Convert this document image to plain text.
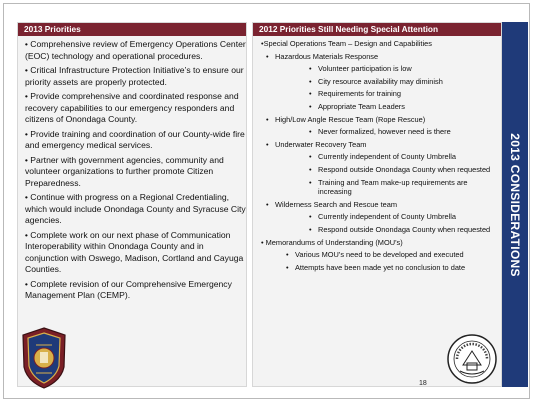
2013 Priorities
• Comprehensive review of Emergency Operations Center (EOC) technology and operational procedures.
• Critical Infrastructure Protection Initiative’s to ensure our priority assets are properly protected.
• Provide comprehensive and coordinated response and recovery capabilities to our emergency responders and citizens of Onondaga County.
• Provide training and coordination of our County-wide fire and emergency medical services.
• Partner with government agencies, community and volunteer organizations to further promote Citizen Preparedness.
• Continue with progress on a Regional Credentialing, which would include Onondaga County and Syracuse City agencies.
• Complete work on our next phase of Communication Interoperability within Onondaga County and in conjunction with Oswego, Madison, Cortland and Cayuga Counties.
• Complete revision of our Comprehensive Emergency Management Plan (CEMP).
2012 Priorities Still Needing Special Attention
•Special Operations Team – Design and Capabilities
• Hazardous Materials Response
• Volunteer participation is low
• City resource availability may diminish
• Requirements for training
• Appropriate Team Leaders
• High/Low Angle Rescue Team (Rope Rescue)
• Never formalized, however need is there
• Underwater Recovery Team
• Currently independent of County Umbrella
• Respond outside Onondaga County when requested
• Training and Team make-up requirements are increasing
• Wilderness Search and Rescue team
• Currently independent of County Umbrella
• Respond outside Onondaga County when requested
• Memorandums of Understanding (MOU’s)
• Various MOU’s need to be developed and executed
• Attempts have been made yet no conclusion to date	2013 CONSIDERATIONS
18
